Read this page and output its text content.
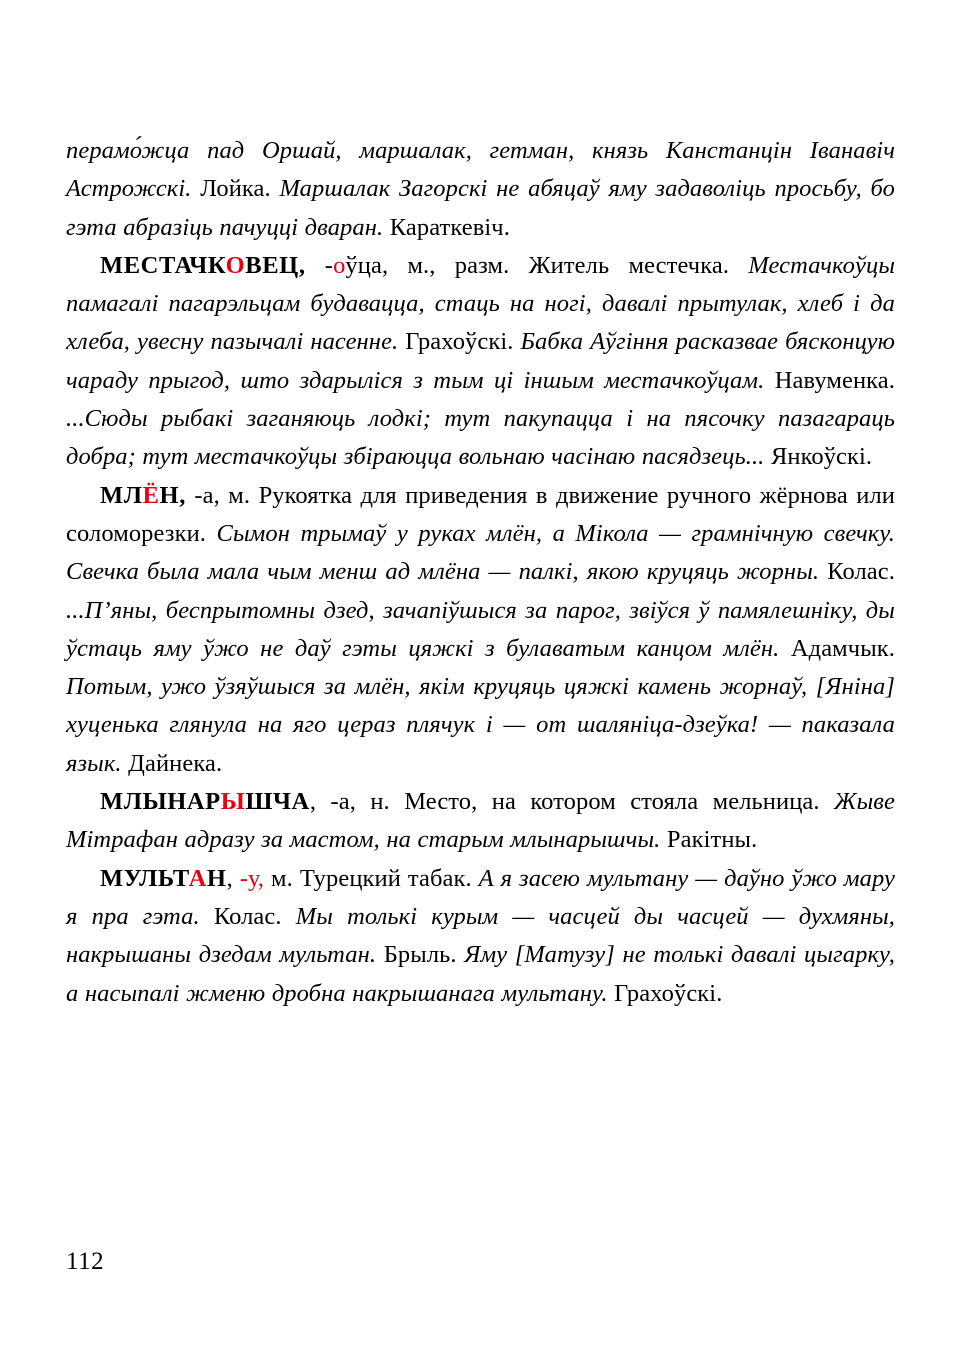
перамо́жца пад Оршай, маршалак, гетман, князь Канстанцін Іванавіч Астрожскі. Лойка. Маршалак Загорскі не абяцаў яму задаволіць просьбу, бо гэта абразіць пачуцці дваран. Караткевіч.

МЕСТАЧКОВЕЦ, -оўца, м., разм. Житель местечка. Местачкоўцы памагалі пагарэльцам будавацца, стаць на ногі, давалі прытулак, хлеб і да хлеба, увесну пазычалі насенне. Грахоўскі. Бабка Аўгіння расказвае бясконцую чараду прыгод, што здарыліся з тым ці іншым местачкоўцам. Навуменка. ...Сюды рыбакі заганяюць лодкі; тут пакупацца і на пясочку пазагараць добра; тут местачкоўцы збіраюцца вольнаю часінаю пасядзець... Янкоўскі.

МЛЁН, -а, м. Рукоятка для приведения в движение ручного жёрнова или соломорезки. Сымон трымаў у руках млён, а Мікола — грамнічную свечку. Свечка была мала чым менш ад млёна — палкі, якою круцяць жорны. Колас. ...П’яны, беспрытомны дзед, зачапіўшыся за парог, звіўся ў памялешніку, ды ўстаць яму ўжо не даў гэты цяжкі з булаватым канцом млён. Адамчык. Потым, ужо ўзяўшыся за млён, якім круцяць цяжкі камень жорнаў, [Яніна] хуценька глянула на яго цераз плячук і — от шаляніца-дзеўка! — паказала язык. Дайнека.

МЛЫНАРЫШЧА, -а, н. Место, на котором стояла мельница. Жыве Мітрафан адразу за мастом, на старым млынарышчы. Ракітны.

МУЛЬТАН, -у, м. Турецкий табак. А я засею мультану — даўно ўжо мару я пра гэта. Колас. Мы толькі курым — часцей ды часцей — духмяны, накрышаны дзедам мультан. Брыль. Яму [Матузу] не толькі давалі цыгарку, а насыпалі жменю дробна накрышанага мультану. Грахоўскі.

112
